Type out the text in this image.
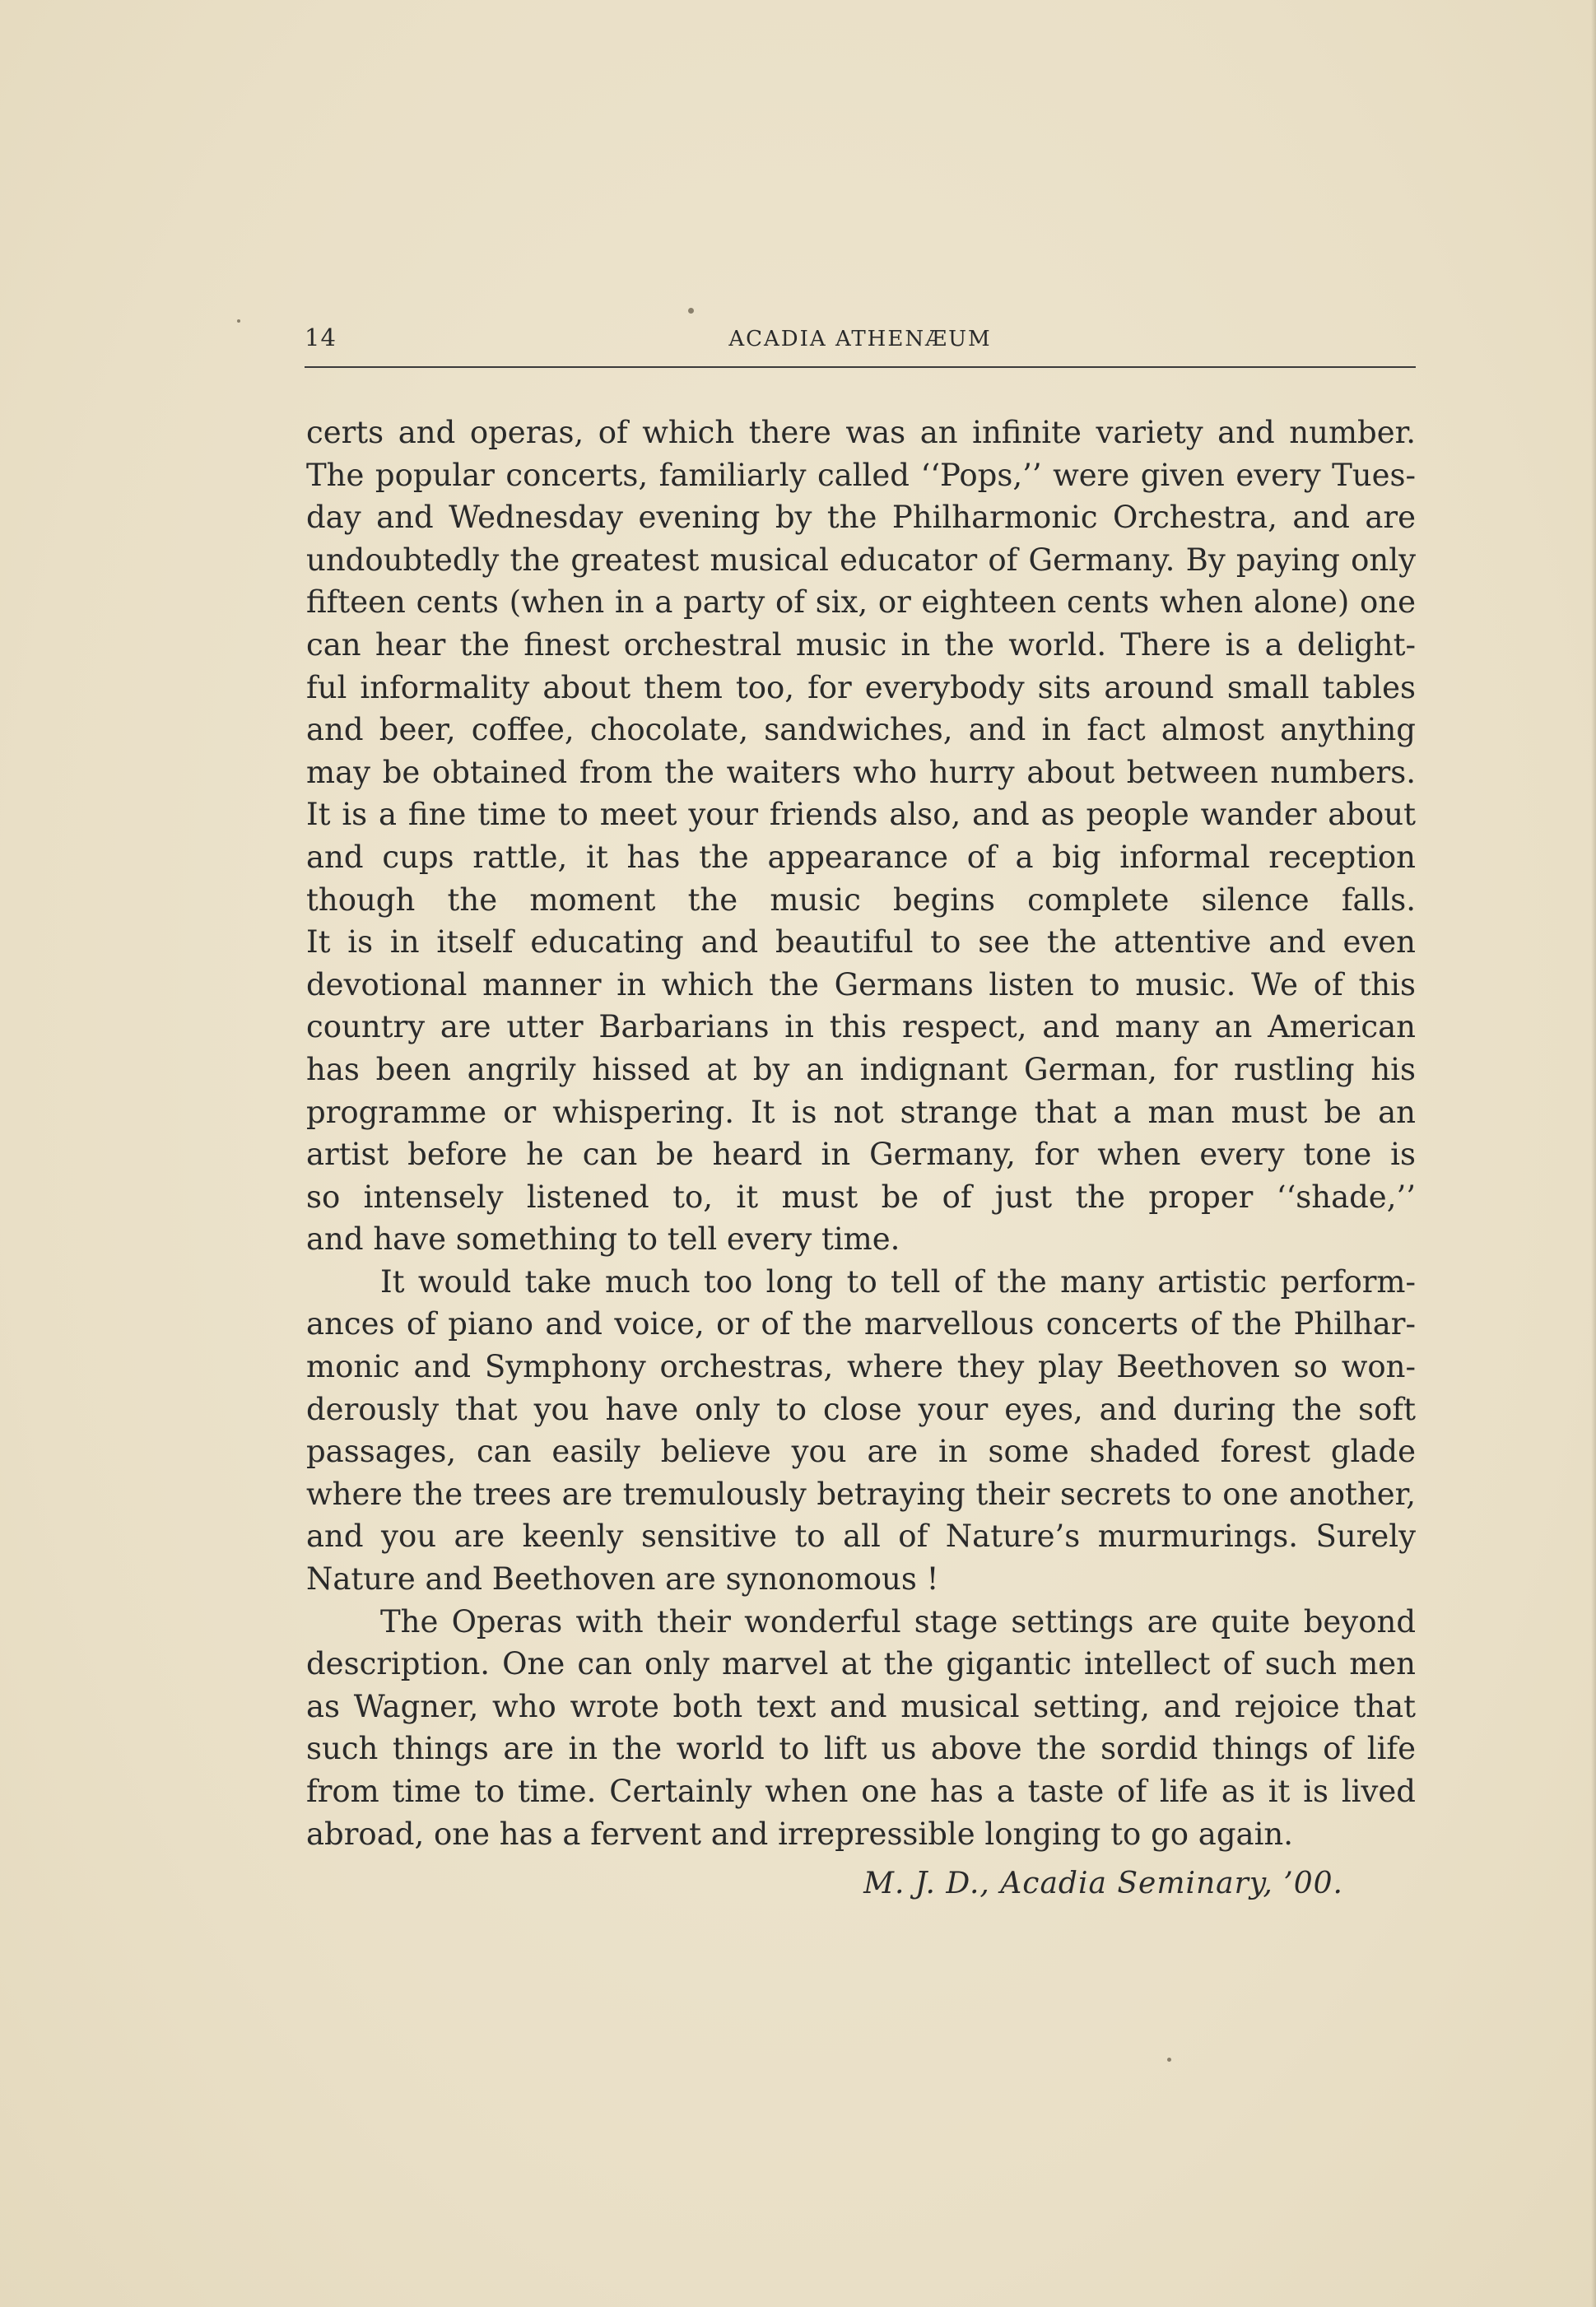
14	ACADIA ATHENÆUM
certs and operas, of which there was an infinite variety and number.
The popular concerts, familiarly called ‘‘Pops,’’ were given every Tues-
day and Wednesday evening by the Philharmonic Orchestra, and are
undoubtedly the greatest musical educator of Germany. By paying only
fifteen cents (when in a party of six, or eighteen cents when alone) one
can hear the finest orchestral music in the world. There is a delight-
ful informality about them too, for everybody sits around small tables
and beer, coffee, chocolate, sandwiches, and in fact almost anything
may be obtained from the waiters who hurry about between numbers.
It is a fine time to meet your friends also, and as people wander about
and cups rattle, it has the appearance of a big informal reception
though the moment the music begins complete silence falls.
It is in itself educating and beautiful to see the attentive and even
devotional manner in which the Germans listen to music. We of this
country are utter Barbarians in this respect, and many an American
has been angrily hissed at by an indignant German, for rustling his
programme or whispering. It is not strange that a man must be an
artist before he can be heard in Germany, for when every tone is
so intensely listened to, it must be of just the proper ‘‘shade,’’
and have something to tell every time.
It would take much too long to tell of the many artistic perform-
ances of piano and voice, or of the marvellous concerts of the Philhar-
monic and Symphony orchestras, where they play Beethoven so won-
derously that you have only to close your eyes, and during the soft
passages, can easily believe you are in some shaded forest glade
where the trees are tremulously betraying their secrets to one another,
and you are keenly sensitive to all of Nature’s murmurings. Surely
Nature and Beethoven are synonomous !
The Operas with their wonderful stage settings are quite beyond
description. One can only marvel at the gigantic intellect of such men
as Wagner, who wrote both text and musical setting, and rejoice that
such things are in the world to lift us above the sordid things of life
from time to time. Certainly when one has a taste of life as it is lived
abroad, one has a fervent and irrepressible longing to go again.
M. J. D., Acadia Seminary, ’00.
